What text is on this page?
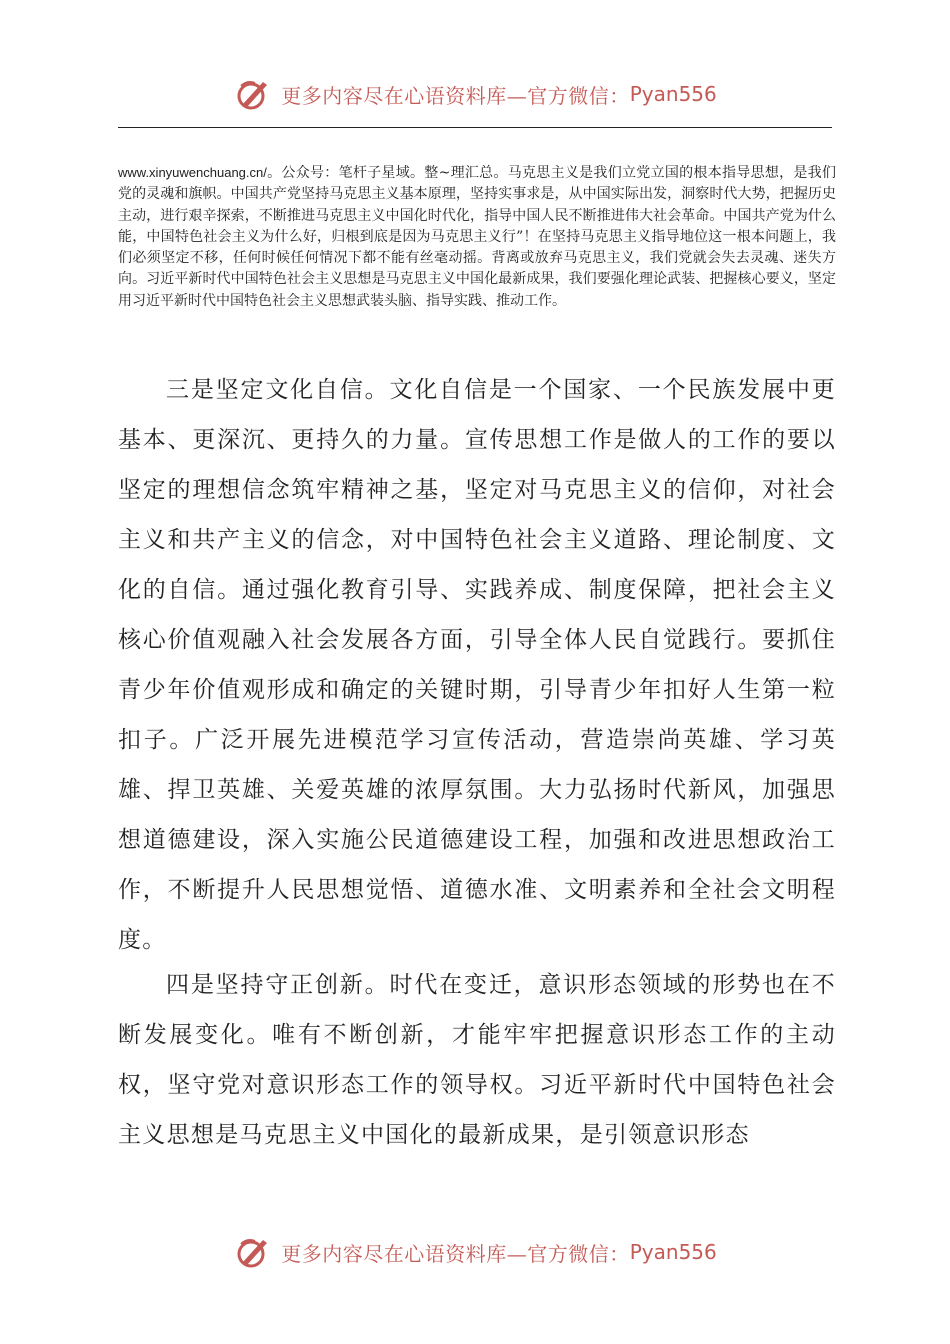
更多内容尽在心语资料库—官方微信： Pyan556

www.xinyuwenchuang.cn/。公众号：笔杆子星域。整~理汇总。马克思主义是我们立党立国的根本指导思想，是我们党的灵魂和旗帜。中国共产党坚持马克思主义基本原理，坚持实事求是，从中国实际出发，洞察时代大势，把握历史主动，进行艰辛探索，不断推进马克思主义中国化时代化，指导中国人民不断推进伟大社会革命。中国共产党为什么能，中国特色社会主义为什么好，归根到底是因为马克思主义行”！在坚持马克思主义指导地位这一根本问题上，我们必须坚定不移，任何时候任何情况下都不能有丝毫动摇。背离或放弃马克思主义，我们党就会失去灵魂、迷失方向。习近平新时代中国特色社会主义思想是马克思主义中国化最新成果，我们要强化理论武装、把握核心要义，坚定用习近平新时代中国特色社会主义思想武装头脑、指导实践、推动工作。

三是坚定文化自信。文化自信是一个国家、一个民族发展中更基本、更深沉、更持久的力量。宣传思想工作是做人的工作的要以坚定的理想信念筑牢精神之基，坚定对马克思主义的信仰，对社会主义和共产主义的信念，对中国特色社会主义道路、理论制度、文化的自信。通过强化教育引导、实践养成、制度保障，把社会主义核心价值观融入社会发展各方面，引导全体人民自觉践行。要抓住青少年价值观形成和确定的关键时期，引导青少年扣好人生第一粒扣子。广泛开展先进模范学习宣传活动，营造崇尚英雄、学习英雄、捍卫英雄、关爱英雄的浓厚氛围。大力弘扬时代新风，加强思想道德建设，深入实施公民道德建设工程，加强和改进思想政治工作，不断提升人民思想觉悟、道德水准、文明素养和全社会文明程度。

四是坚持守正创新。时代在变迁，意识形态领域的形势也在不断发展变化。唯有不断创新，才能牢牢把握意识形态工作的主动权，坚守党对意识形态工作的领导权。习近平新时代中国特色社会主义思想是马克思主义中国化的最新成果，是引领意识形态

更多内容尽在心语资料库—官方微信： Pyan556
